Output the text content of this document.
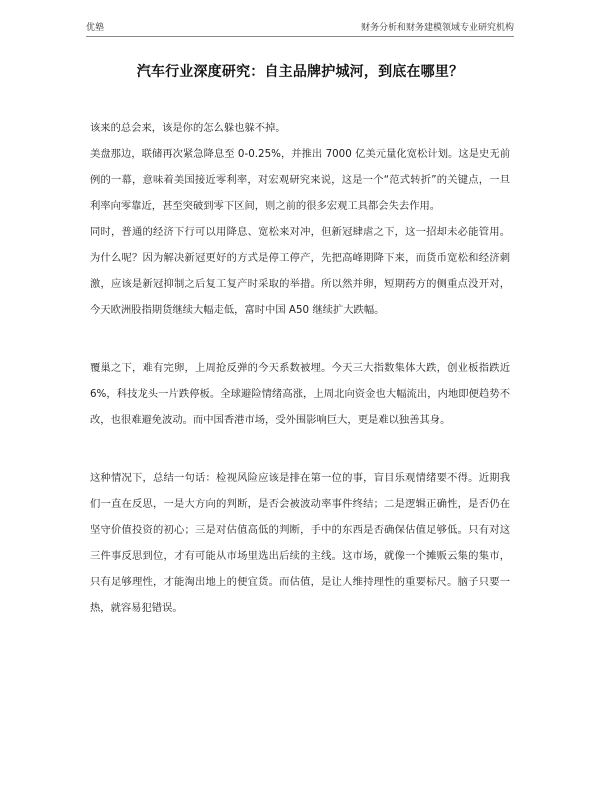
优塾	财务分析和财务建模领域专业研究机构
汽车行业深度研究：自主品牌护城河，到底在哪里？

该来的总会来，该是你的怎么躲也躲不掉。

美盘那边，联储再次紧急降息至 0-0.25%，并推出 7000 亿美元量化宽松计划。这是史无前例的一幕，意味着美国接近零利率，对宏观研究来说，这是一个“范式转折”的关键点，一旦利率向零靠近，甚至突破到零下区间，则之前的很多宏观工具都会失去作用。

同时，普通的经济下行可以用降息、宽松来对冲，但新冠肆虐之下，这一招却未必能管用。为什么呢？因为解决新冠更好的方式是停工停产，先把高峰期降下来，而货币宽松和经济刺激，应该是新冠抑制之后复工复产时采取的举措。所以然并卵，短期药方的侧重点没开对，今天欧洲股指期货继续大幅走低，富时中国 A50 继续扩大跌幅。

覆巢之下，难有完卵，上周抢反弹的今天系数被埋。今天三大指数集体大跌，创业板指跌近 6%，科技龙头一片跌停板。全球避险情绪高涨，上周北向资金也大幅流出，内地即便趋势不改，也很难避免波动。而中国香港市场，受外围影响巨大，更是难以独善其身。

这种情况下，总结一句话：检视风险应该是排在第一位的事，盲目乐观情绪要不得。近期我们一直在反思，一是大方向的判断，是否会被波动率事件终结；二是逻辑正确性，是否仍在坚守价值投资的初心；三是对估值高低的判断，手中的东西是否确保估值足够低。只有对这三件事反思到位，才有可能从市场里选出后续的主线。这市场，就像一个摊贩云集的集市，只有足够理性，才能淘出地上的便宜货。而估值，是让人维持理性的重要标尺。脑子只要一热，就容易犯错误。
